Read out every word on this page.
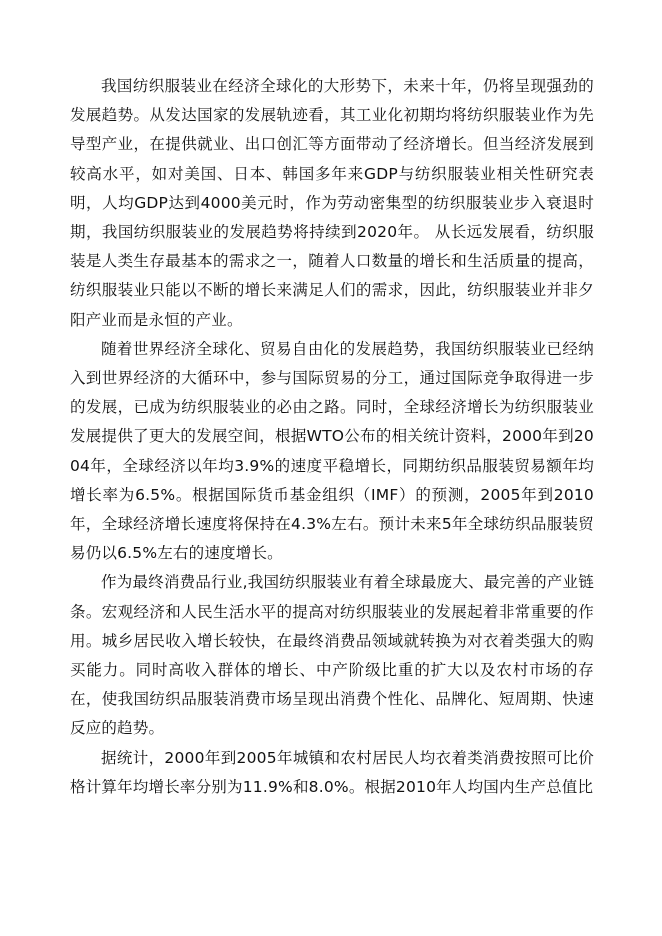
我国纺织服装业在经济全球化的大形势下，未来十年，仍将呈现强劲的发展趋势。从发达国家的发展轨迹看，其工业化初期均将纺织服装业作为先导型产业，在提供就业、出口创汇等方面带动了经济增长。但当经济发展到较高水平，如对美国、日本、韩国多年来GDP与纺织服装业相关性研究表明，人均GDP达到4000美元时，作为劳动密集型的纺织服装业步入衰退时期，我国纺织服装业的发展趋势将持续到2020年。 从长远发展看，纺织服装是人类生存最基本的需求之一，随着人口数量的增长和生活质量的提高，纺织服装业只能以不断的增长来满足人们的需求，因此，纺织服装业并非夕阳产业而是永恒的产业。

随着世界经济全球化、贸易自由化的发展趋势，我国纺织服装业已经纳入到世界经济的大循环中，参与国际贸易的分工，通过国际竞争取得进一步的发展，已成为纺织服装业的必由之路。同时，全球经济增长为纺织服装业发展提供了更大的发展空间，根据WTO公布的相关统计资料，2000年到2004年，全球经济以年均3.9%的速度平稳增长，同期纺织品服装贸易额年均增长率为6.5%。根据国际货币基金组织（IMF）的预测，2005年到2010年，全球经济增长速度将保持在4.3%左右。预计未来5年全球纺织品服装贸易仍以6.5%左右的速度增长。

作为最终消费品行业,我国纺织服装业有着全球最庞大、最完善的产业链条。宏观经济和人民生活水平的提高对纺织服装业的发展起着非常重要的作用。城乡居民收入增长较快，在最终消费品领域就转换为对衣着类强大的购买能力。同时高收入群体的增长、中产阶级比重的扩大以及农村市场的存在，使我国纺织品服装消费市场呈现出消费个性化、品牌化、短周期、快速反应的趋势。

据统计，2000年到2005年城镇和农村居民人均衣着类消费按照可比价格计算年均增长率分别为11.9%和8.0%。根据2010年人均国内生产总值比
